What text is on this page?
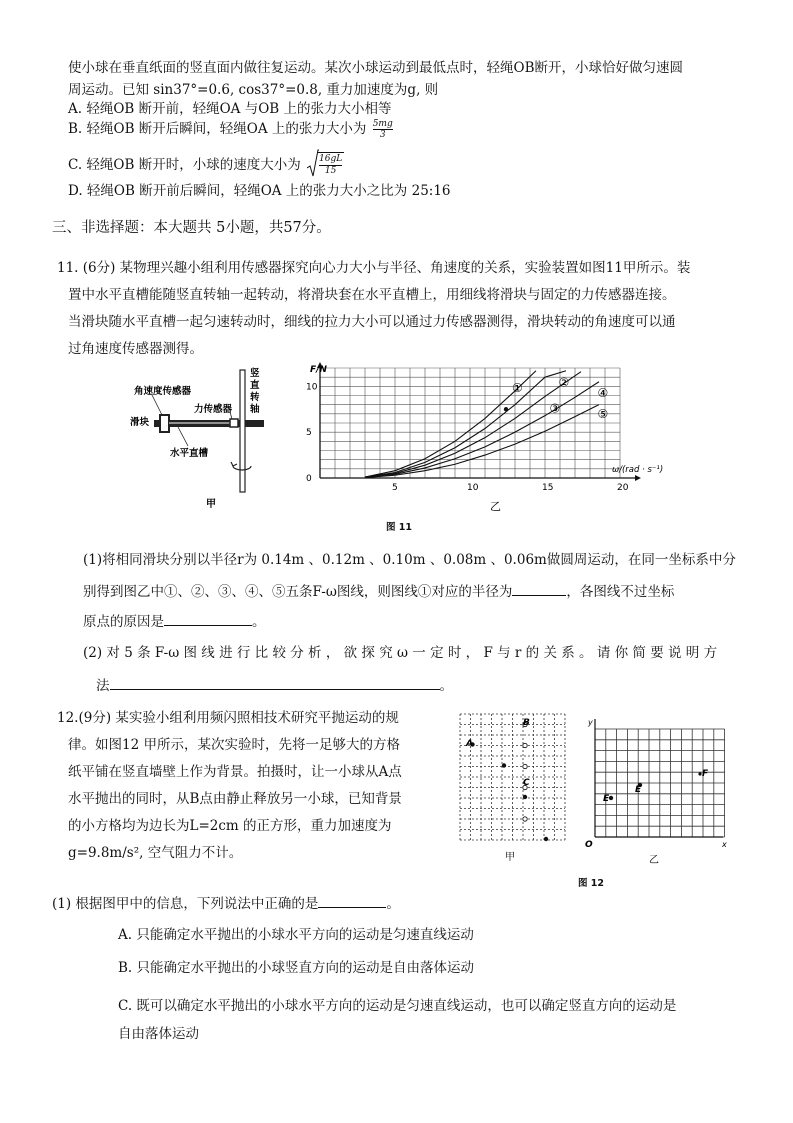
使小球在垂直纸面的竖直面内做往复运动。某次小球运动到最低点时，轻绳OB断开，小球恰好做匀速圆
周运动。已知 sin37°=0.6, cos37°=0.8, 重力加速度为g, 则
A. 轻绳OB 断开前，轻绳OA 与OB 上的张力大小相等
B. 轻绳OB 断开后瞬间，轻绳OA 上的张力大小为 $\frac{5mg}{3}$
C. 轻绳OB 断开时，小球的速度大小为 $\frac{16gL}{15}$
D. 轻绳OB 断开前后瞬间，轻绳OA 上的张力大小之比为 25:16
三、非选择题：本大题共 5小题，共57分。
11. (6分) 某物理兴趣小组利用传感器探究向心力大小与半径、角速度的关系，实验装置如图11甲所示。装
置中水平直槽能随竖直转轴一起转动，将滑块套在水平直槽上，用细线将滑块与固定的力传感器连接。
当滑块随水平直槽一起匀速转动时，细线的拉力大小可以通过力传感器测得，滑块转动的角速度可以通
过角速度传感器测得。
角速度传感器
滑块
力传感器
水平直槽
竖
直
转
轴
甲
5	10	15	20
0
5
10	①	②
③
④
⑤
F/N
ω/(rad · s⁻¹)
乙
图 11
(1)将相同滑块分别以半径r为 0.14m 、0.12m 、0.10m 、0.08m 、0.06m做圆周运动，在同一坐标系中分
别得到图乙中①、②、③、④、⑤五条F-ω图线，则图线①对应的半径为	，各图线不过坐标
原点的原因是	。
(2) 对 5 条 F-ω 图 线 进 行 比 较 分 析 ， 欲 探 究 ω 一 定 时 ， F 与 r 的 关 系 。 请 你 简 要 说 明 方
法	。
12.(9分) 某实验小组利用频闪照相技术研究平抛运动的规
律。如图12 甲所示，某次实验时，先将一足够大的方格
纸平铺在竖直墙壁上作为背景。拍摄时，让一小球从A点
水平抛出的同时，从B点由静止释放另一小球，已知背景
的小方格均为边长为L=2cm 的正方形，重力加速度为
g=9.8m/s², 空气阻力不计。
A
B
C
甲
y
O	x
E
E
F
乙
图 12
(1) 根据图甲中的信息，下列说法中正确的是	。
A. 只能确定水平抛出的小球水平方向的运动是匀速直线运动
B. 只能确定水平抛出的小球竖直方向的运动是自由落体运动
C. 既可以确定水平抛出的小球水平方向的运动是匀速直线运动，也可以确定竖直方向的运动是
自由落体运动
